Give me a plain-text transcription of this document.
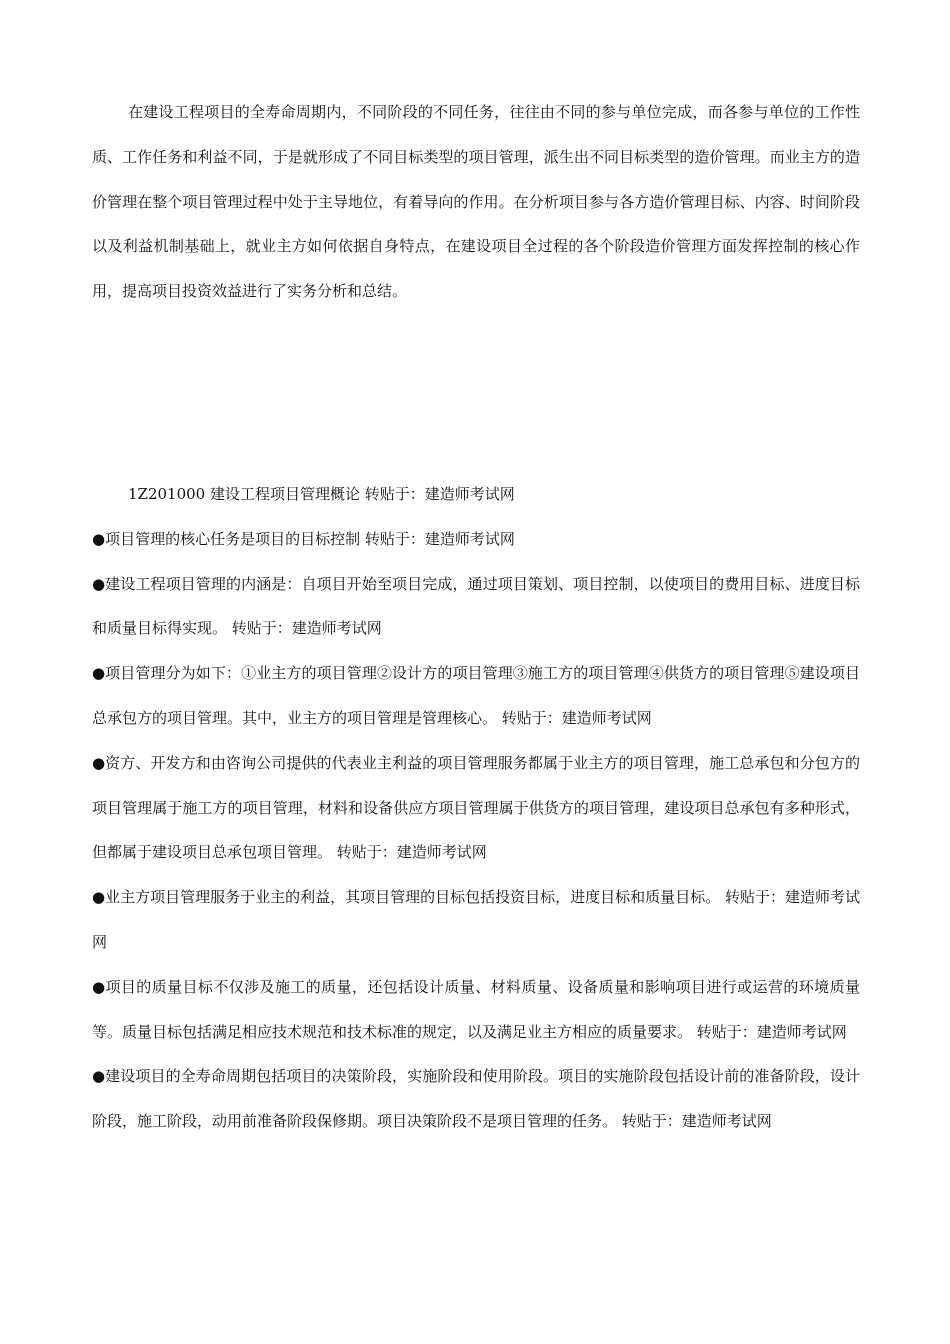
在建设工程项目的全寿命周期内，不同阶段的不同任务，往往由不同的参与单位完成，而各参与单位的工作性质、工作任务和利益不同，于是就形成了不同目标类型的项目管理，派生出不同目标类型的造价管理。而业主方的造价管理在整个项目管理过程中处于主导地位，有着导向的作用。在分析项目参与各方造价管理目标、内容、时间阶段以及利益机制基础上，就业主方如何依据自身特点，在建设项目全过程的各个阶段造价管理方面发挥控制的核心作用，提高项目投资效益进行了实务分析和总结。

1Z201000 建设工程项目管理概论 转贴于：建造师考试网

●项目管理的核心任务是项目的目标控制 转贴于：建造师考试网

●建设工程项目管理的内涵是：自项目开始至项目完成，通过项目策划、项目控制，以使项目的费用目标、进度目标和质量目标得实现。 转贴于：建造师考试网

●项目管理分为如下：①业主方的项目管理②设计方的项目管理③施工方的项目管理④供货方的项目管理⑤建设项目总承包方的项目管理。其中，业主方的项目管理是管理核心。 转贴于：建造师考试网

●资方、开发方和由咨询公司提供的代表业主利益的项目管理服务都属于业主方的项目管理，施工总承包和分包方的项目管理属于施工方的项目管理，材料和设备供应方项目管理属于供货方的项目管理，建设项目总承包有多种形式，但都属于建设项目总承包项目管理。 转贴于：建造师考试网

●业主方项目管理服务于业主的利益，其项目管理的目标包括投资目标，进度目标和质量目标。 转贴于：建造师考试网

●项目的质量目标不仅涉及施工的质量，还包括设计质量、材料质量、设备质量和影响项目进行或运营的环境质量等。质量目标包括满足相应技术规范和技术标准的规定，以及满足业主方相应的质量要求。 转贴于：建造师考试网

●建设项目的全寿命周期包括项目的决策阶段，实施阶段和使用阶段。项目的实施阶段包括设计前的准备阶段，设计阶段，施工阶段，动用前准备阶段保修期。项目决策阶段不是项目管理的任务。 转贴于：建造师考试网
